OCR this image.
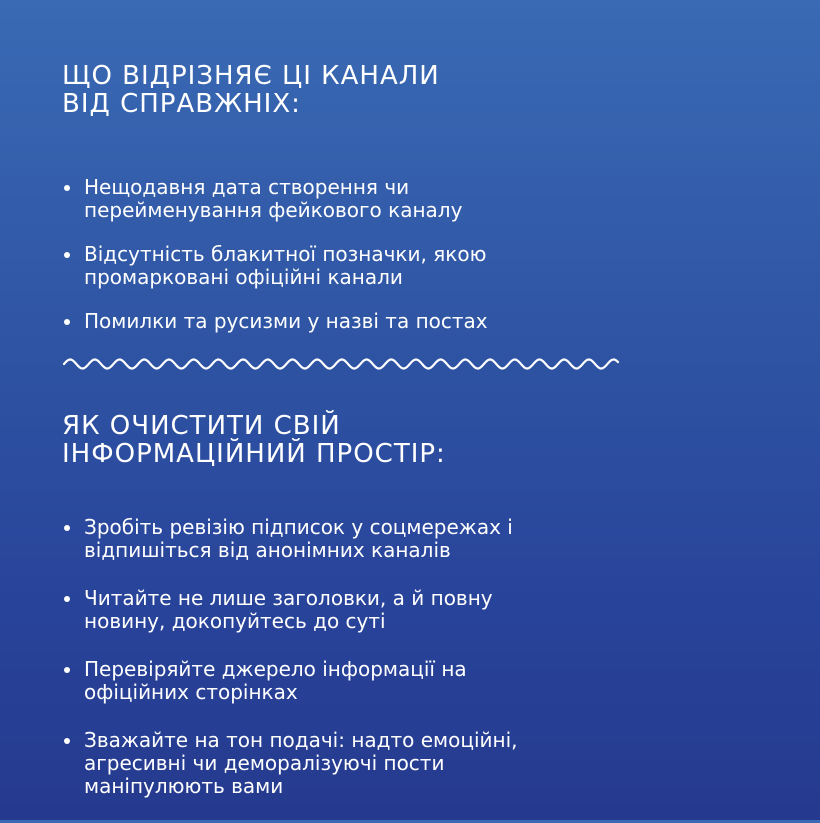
ЩО ВІДРІЗНЯЄ ЦІ КАНАЛИ
ВІД СПРАВЖНІХ:
Нещодавня дата створення чи
перейменування фейкового каналу
Відсутність блакитної позначки, якою
промарковані офіційні канали
Помилки та русизми у назві та постах
ЯК ОЧИСТИТИ СВІЙ
ІНФОРМАЦІЙНИЙ ПРОСТІР:
Зробіть ревізію підписок у соцмережах і
відпишіться від анонімних каналів
Читайте не лише заголовки, а й повну
новину, докопуйтесь до суті
Перевіряйте джерело інформації на
офіційних сторінках
Зважайте на тон подачі: надто емоційні,
агресивні чи деморалізуючі пости
маніпулюють вами
